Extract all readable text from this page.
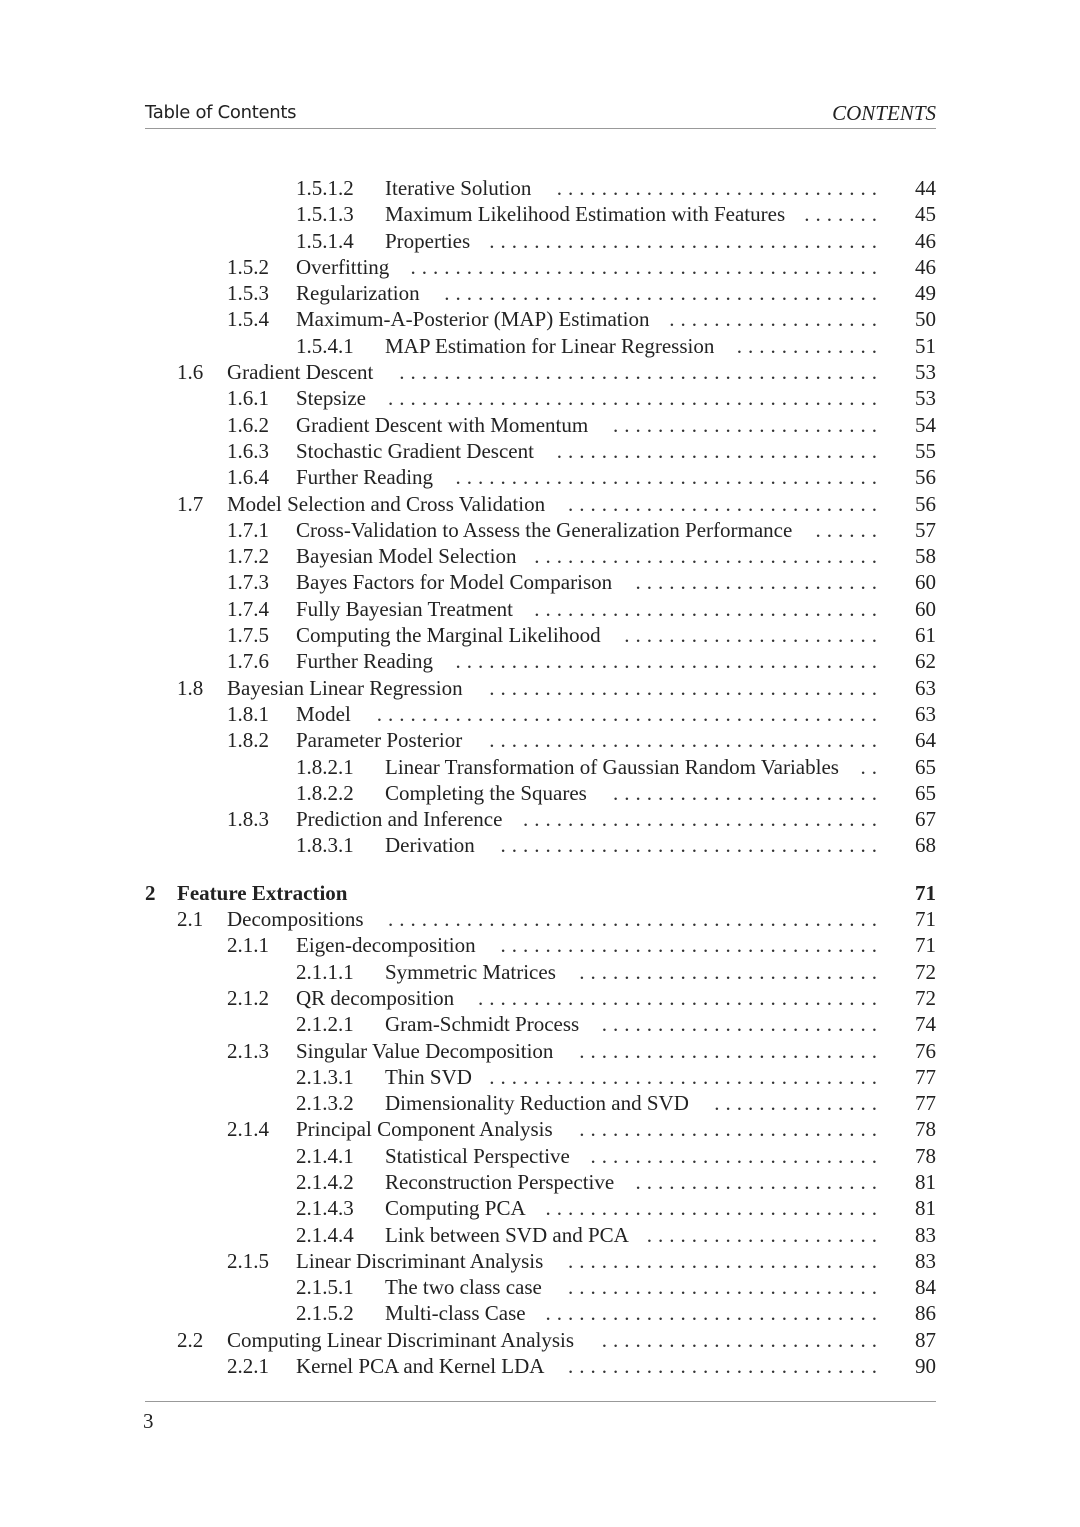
Table of Contents	CONTENTS
1.5.1.2	Iterative Solution	.............................	44
1.5.1.3	Maximum Likelihood Estimation with Features .......	45
1.5.1.4	Properties ...................................	46
1.5.2	Overfitting	..........................................	46
1.5.3	Regularization	.......................................	49
1.5.4	Maximum-A-Posterior (MAP) Estimation ...................	50
1.5.4.1	MAP Estimation for Linear Regression	.............	51
1.6	Gradient Descent	...........................................	53
1.6.1	Stepsize	............................................	53
1.6.2	Gradient Descent with Momentum	........................	54
1.6.3	Stochastic Gradient Descent	.............................	55
1.6.4	Further Reading	......................................	56
1.7	Model Selection and Cross Validation	............................	56
1.7.1	Cross-Validation to Assess the Generalization Performance	......	57
1.7.2	Bayesian Model Selection ...............................	58
1.7.3	Bayes Factors for Model Comparison	......................	60
1.7.4	Fully Bayesian Treatment	...............................	60
1.7.5	Computing the Marginal Likelihood	.......................	61
1.7.6	Further Reading	......................................	62
1.8	Bayesian Linear Regression	...................................	63
1.8.1	Model	.............................................	63
1.8.2	Parameter Posterior	...................................	64
1.8.2.1	Linear Transformation of Gaussian Random Variables	..	65
1.8.2.2	Completing the Squares	........................	65
1.8.3	Prediction and Inference ................................	67
1.8.3.1	Derivation	..................................	68
2	Feature Extraction	71
2.1	Decompositions	............................................	71
2.1.1	Eigen-decomposition	..................................	71
2.1.1.1	Symmetric Matrices	...........................	72
2.1.2	QR decomposition	....................................	72
2.1.2.1	Gram-Schmidt Process	.........................	74
2.1.3	Singular Value Decomposition	...........................	76
2.1.3.1	Thin SVD ...................................	77
2.1.3.2	Dimensionality Reduction and SVD	...............	77
2.1.4	Principal Component Analysis	...........................	78
2.1.4.1	Statistical Perspective ..........................	78
2.1.4.2	Reconstruction Perspective	......................	81
2.1.4.3	Computing PCA ..............................	81
2.1.4.4	Link between SVD and PCA .....................	83
2.1.5	Linear Discriminant Analysis	............................	83
2.1.5.1	The two class case	............................	84
2.1.5.2	Multi-class Case ..............................	86
2.2	Computing Linear Discriminant Analysis	.........................	87
2.2.1	Kernel PCA and Kernel LDA	............................	90
3
